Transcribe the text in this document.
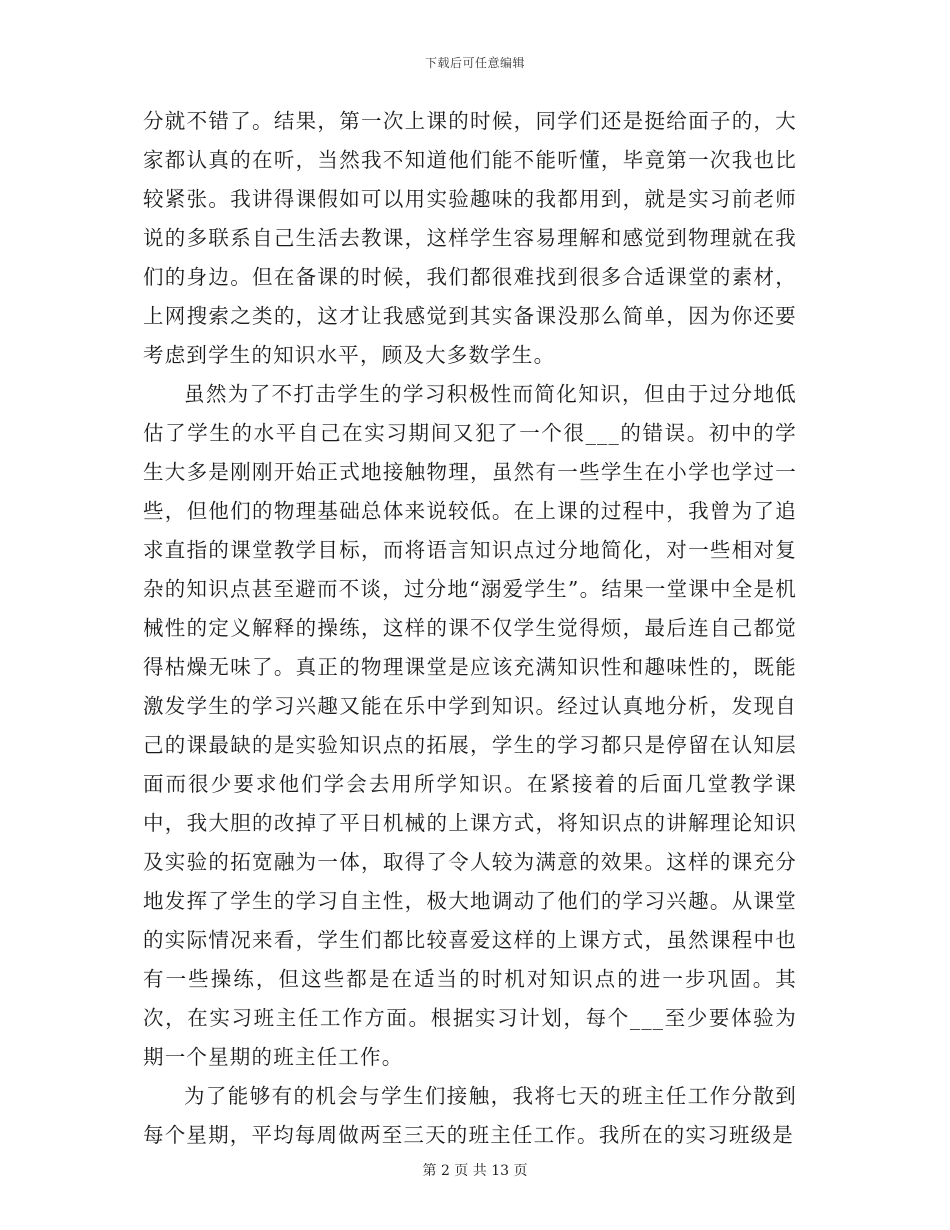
下载后可任意编辑

分就不错了。结果，第一次上课的时候，同学们还是挺给面子的，大家都认真的在听，当然我不知道他们能不能听懂，毕竟第一次我也比较紧张。我讲得课假如可以用实验趣味的我都用到，就是实习前老师说的多联系自己生活去教课，这样学生容易理解和感觉到物理就在我们的身边。但在备课的时候，我们都很难找到很多合适课堂的素材，上网搜索之类的，这才让我感觉到其实备课没那么简单，因为你还要考虑到学生的知识水平，顾及大多数学生。

虽然为了不打击学生的学习积极性而简化知识，但由于过分地低估了学生的水平自己在实习期间又犯了一个很___的错误。初中的学生大多是刚刚开始正式地接触物理，虽然有一些学生在小学也学过一些，但他们的物理基础总体来说较低。在上课的过程中，我曾为了追求直指的课堂教学目标，而将语言知识点过分地简化，对一些相对复杂的知识点甚至避而不谈，过分地“溺爱学生”。结果一堂课中全是机械性的定义解释的操练，这样的课不仅学生觉得烦，最后连自己都觉得枯燥无味了。真正的物理课堂是应该充满知识性和趣味性的，既能激发学生的学习兴趣又能在乐中学到知识。经过认真地分析，发现自己的课最缺的是实验知识点的拓展，学生的学习都只是停留在认知层面而很少要求他们学会去用所学知识。在紧接着的后面几堂教学课中，我大胆的改掉了平日机械的上课方式，将知识点的讲解理论知识及实验的拓宽融为一体，取得了令人较为满意的效果。这样的课充分地发挥了学生的学习自主性，极大地调动了他们的学习兴趣。从课堂的实际情况来看，学生们都比较喜爱这样的上课方式，虽然课程中也有一些操练，但这些都是在适当的时机对知识点的进一步巩固。其次，在实习班主任工作方面。根据实习计划，每个___至少要体验为期一个星期的班主任工作。

为了能够有的机会与学生们接触，我将七天的班主任工作分散到每个星期，平均每周做两至三天的班主任工作。我所在的实习班级是

第 2 页 共 13 页
